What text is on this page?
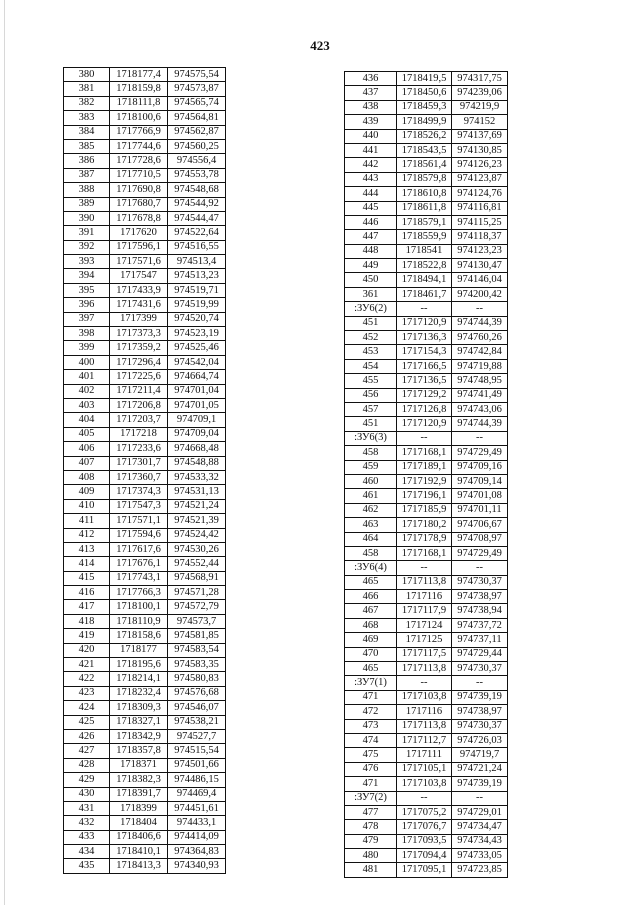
423
380	1718177,4	974575,54
381	1718159,8	974573,87
382	1718111,8	974565,74
383	1718100,6	974564,81
384	1717766,9	974562,87
385	1717744,6	974560,25
386	1717728,6	974556,4
387	1717710,5	974553,78
388	1717690,8	974548,68
389	1717680,7	974544,92
390	1717678,8	974544,47
391	1717620	974522,64
392	1717596,1	974516,55
393	1717571,6	974513,4
394	1717547	974513,23
395	1717433,9	974519,71
396	1717431,6	974519,99
397	1717399	974520,74
398	1717373,3	974523,19
399	1717359,2	974525,46
400	1717296,4	974542,04
401	1717225,6	974664,74
402	1717211,4	974701,04
403	1717206,8	974701,05
404	1717203,7	974709,1
405	1717218	974709,04
406	1717233,6	974668,48
407	1717301,7	974548,88
408	1717360,7	974533,32
409	1717374,3	974531,13
410	1717547,3	974521,24
411	1717571,1	974521,39
412	1717594,6	974524,42
413	1717617,6	974530,26
414	1717676,1	974552,44
415	1717743,1	974568,91
416	1717766,3	974571,28
417	1718100,1	974572,79
418	1718110,9	974573,7
419	1718158,6	974581,85
420	1718177	974583,54
421	1718195,6	974583,35
422	1718214,1	974580,83
423	1718232,4	974576,68
424	1718309,3	974546,07
425	1718327,1	974538,21
426	1718342,9	974527,7
427	1718357,8	974515,54
428	1718371	974501,66
429	1718382,3	974486,15
430	1718391,7	974469,4
431	1718399	974451,61
432	1718404	974433,1
433	1718406,6	974414,09
434	1718410,1	974364,83
435	1718413,3	974340,93
436	1718419,5	974317,75
437	1718450,6	974239,06
438	1718459,3	974219,9
439	1718499,9	974152
440	1718526,2	974137,69
441	1718543,5	974130,85
442	1718561,4	974126,23
443	1718579,8	974123,87
444	1718610,8	974124,76
445	1718611,8	974116,81
446	1718579,1	974115,25
447	1718559,9	974118,37
448	1718541	974123,23
449	1718522,8	974130,47
450	1718494,1	974146,04
361	1718461,7	974200,42
:ЗУ6(2)	--	--
451	1717120,9	974744,39
452	1717136,3	974760,26
453	1717154,3	974742,84
454	1717166,5	974719,88
455	1717136,5	974748,95
456	1717129,2	974741,49
457	1717126,8	974743,06
451	1717120,9	974744,39
:ЗУ6(3)	--	--
458	1717168,1	974729,49
459	1717189,1	974709,16
460	1717192,9	974709,14
461	1717196,1	974701,08
462	1717185,9	974701,11
463	1717180,2	974706,67
464	1717178,9	974708,97
458	1717168,1	974729,49
:ЗУ6(4)	--	--
465	1717113,8	974730,37
466	1717116	974738,97
467	1717117,9	974738,94
468	1717124	974737,72
469	1717125	974737,11
470	1717117,5	974729,44
465	1717113,8	974730,37
:ЗУ7(1)	--	--
471	1717103,8	974739,19
472	1717116	974738,97
473	1717113,8	974730,37
474	1717112,7	974726,03
475	1717111	974719,7
476	1717105,1	974721,24
471	1717103,8	974739,19
:ЗУ7(2)	--	--
477	1717075,2	974729,01
478	1717076,7	974734,47
479	1717093,5	974734,43
480	1717094,4	974733,05
481	1717095,1	974723,85
